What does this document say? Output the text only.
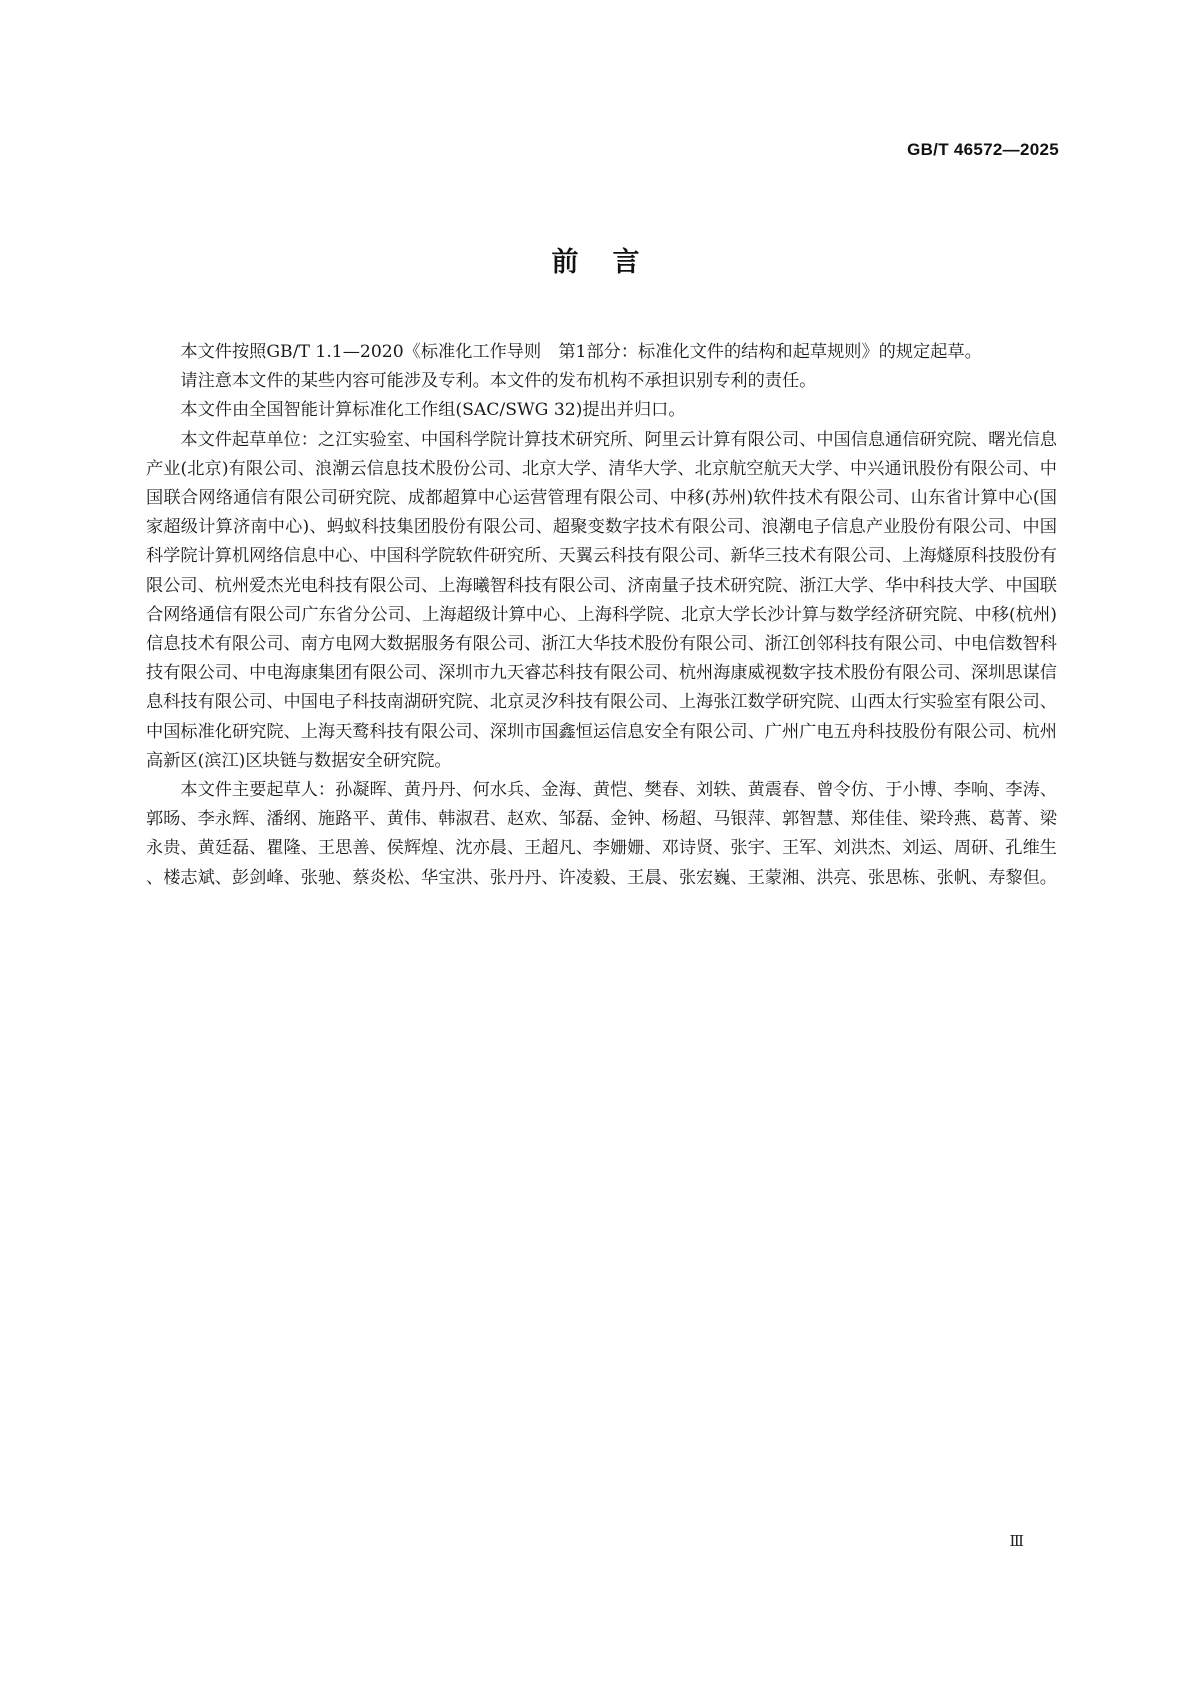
GB/T 46572—2025
前言

本文件按照GB/T 1.1—2020《标准化工作导则　第1部分：标准化文件的结构和起草规则》的规定起草。

请注意本文件的某些内容可能涉及专利。本文件的发布机构不承担识别专利的责任。

本文件由全国智能计算标准化工作组(SAC/SWG 32)提出并归口。

本文件起草单位：之江实验室、中国科学院计算技术研究所、阿里云计算有限公司、中国信息通信研究院、曙光信息产业(北京)有限公司、浪潮云信息技术股份公司、北京大学、清华大学、北京航空航天大学、中兴通讯股份有限公司、中国联合网络通信有限公司研究院、成都超算中心运营管理有限公司、中移(苏州)软件技术有限公司、山东省计算中心(国家超级计算济南中心)、蚂蚁科技集团股份有限公司、超聚变数字技术有限公司、浪潮电子信息产业股份有限公司、中国科学院计算机网络信息中心、中国科学院软件研究所、天翼云科技有限公司、新华三技术有限公司、上海燧原科技股份有限公司、杭州爱杰光电科技有限公司、上海曦智科技有限公司、济南量子技术研究院、浙江大学、华中科技大学、中国联合网络通信有限公司广东省分公司、上海超级计算中心、上海科学院、北京大学长沙计算与数学经济研究院、中移(杭州)信息技术有限公司、南方电网大数据服务有限公司、浙江大华技术股份有限公司、浙江创邻科技有限公司、中电信数智科技有限公司、中电海康集团有限公司、深圳市九天睿芯科技有限公司、杭州海康威视数字技术股份有限公司、深圳思谋信息科技有限公司、中国电子科技南湖研究院、北京灵汐科技有限公司、上海张江数学研究院、山西太行实验室有限公司、中国标准化研究院、上海天鹜科技有限公司、深圳市国鑫恒运信息安全有限公司、广州广电五舟科技股份有限公司、杭州高新区(滨江)区块链与数据安全研究院。

本文件主要起草人：孙凝晖、黄丹丹、何水兵、金海、黄恺、樊春、刘轶、黄震春、曾令仿、于小博、李响、李涛、郭旸、李永辉、潘纲、施路平、黄伟、韩淑君、赵欢、邹磊、金钟、杨超、马银萍、郭智慧、郑佳佳、梁玲燕、葛菁、梁永贵、黄廷磊、瞿隆、王思善、侯辉煌、沈亦晨、王超凡、李姗姗、邓诗贤、张宇、王军、刘洪杰、刘运、周研、孔维生、楼志斌、彭剑峰、张驰、蔡炎松、华宝洪、张丹丹、许凌毅、王晨、张宏巍、王蒙湘、洪亮、张思栋、张帆、寿黎但。

Ⅲ
